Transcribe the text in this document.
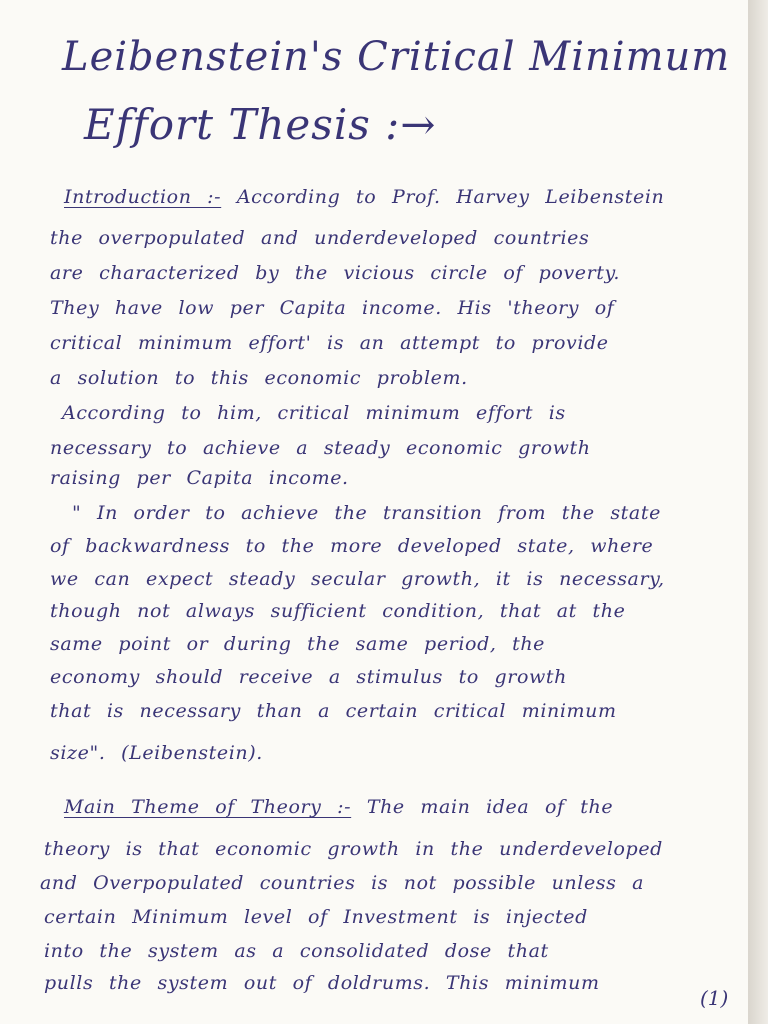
Leibenstein's Critical Minimum
Effort Thesis :→
Introduction :- According to Prof. Harvey Leibenstein
the overpopulated and underdeveloped countries
are characterized by the vicious circle of poverty.
They have low per Capita income. His 'theory of
critical minimum effort' is an attempt to provide
a solution to this economic problem.
According to him, critical minimum effort is
necessary to achieve a steady economic growth
raising per Capita income.
" In order to achieve the transition from the state
of backwardness to the more developed state, where
we can expect steady secular growth, it is necessary,
though not always sufficient condition, that at the
same point or during the same period, the
economy should receive a stimulus to growth
that is necessary than a certain critical minimum
size". (Leibenstein).
Main Theme of Theory :- The main idea of the
theory is that economic growth in the underdeveloped
and Overpopulated countries is not possible unless a
certain Minimum level of Investment is injected
into the system as a consolidated dose that
pulls the system out of doldrums. This minimum
(1)
